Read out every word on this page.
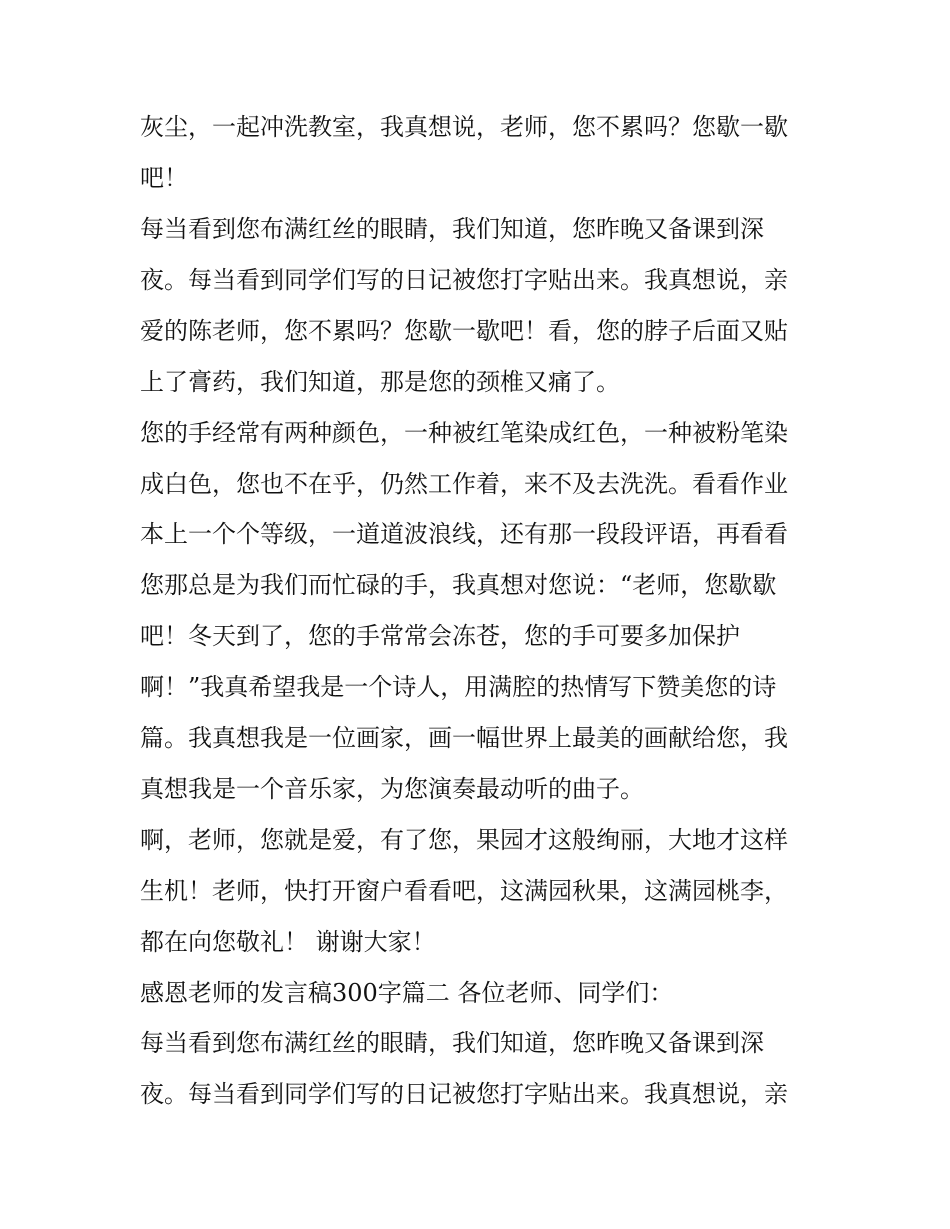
灰尘，一起冲洗教室，我真想说，老师，您不累吗？您歇一歇
吧！
每当看到您布满红丝的眼睛，我们知道，您昨晚又备课到深
夜。每当看到同学们写的日记被您打字贴出来。我真想说，亲
爱的陈老师，您不累吗？您歇一歇吧！看，您的脖子后面又贴
上了膏药，我们知道，那是您的颈椎又痛了。
您的手经常有两种颜色，一种被红笔染成红色，一种被粉笔染
成白色，您也不在乎，仍然工作着，来不及去洗洗。看看作业
本上一个个等级，一道道波浪线，还有那一段段评语，再看看
您那总是为我们而忙碌的手，我真想对您说：“老师，您歇歇
吧！冬天到了，您的手常常会冻苍，您的手可要多加保护
啊！”我真希望我是一个诗人，用满腔的热情写下赞美您的诗
篇。我真想我是一位画家，画一幅世界上最美的画献给您，我
真想我是一个音乐家，为您演奏最动听的曲子。
啊，老师，您就是爱，有了您，果园才这般绚丽，大地才这样
生机！老师，快打开窗户看看吧，这满园秋果，这满园桃李，
都在向您敬礼！ 谢谢大家！
感恩老师的发言稿300字篇二 各位老师、同学们：
每当看到您布满红丝的眼睛，我们知道，您昨晚又备课到深
夜。每当看到同学们写的日记被您打字贴出来。我真想说，亲
